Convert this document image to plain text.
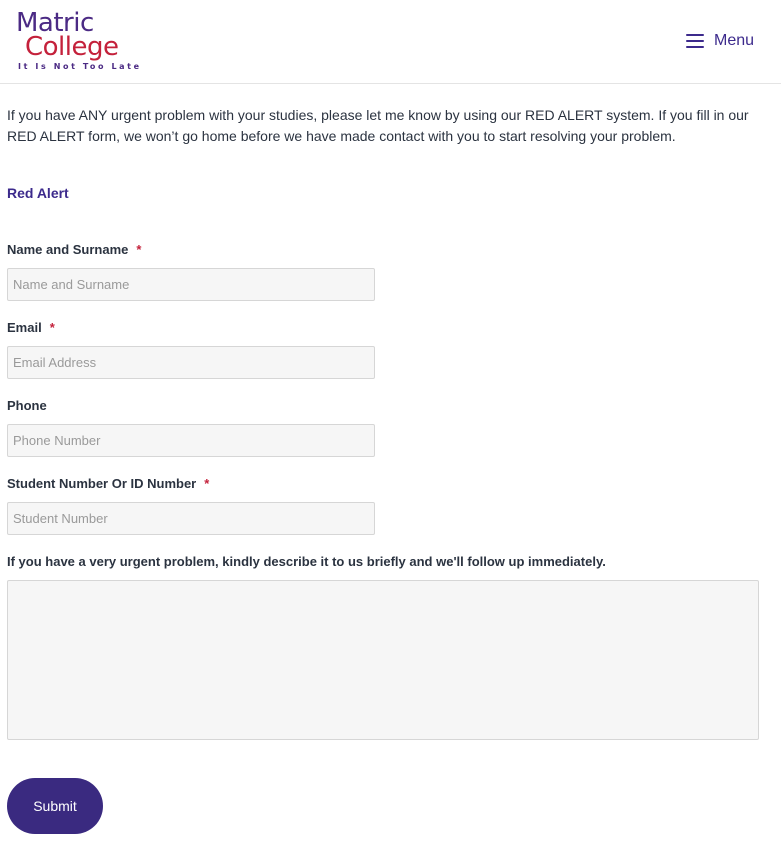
Matric
College
It Is Not Too Late
Menu

If you have ANY urgent problem with your studies, please let me know by using our RED ALERT system. If you fill in our RED ALERT form, we won’t go home before we have made contact with you to start resolving your problem.

Red Alert
Name and Surname *
Name and Surname
Email *
Email Address
Phone
Phone Number
Student Number Or ID Number *
Student Number
If you have a very urgent problem, kindly describe it to us briefly and we'll follow up immediately.
Submit
